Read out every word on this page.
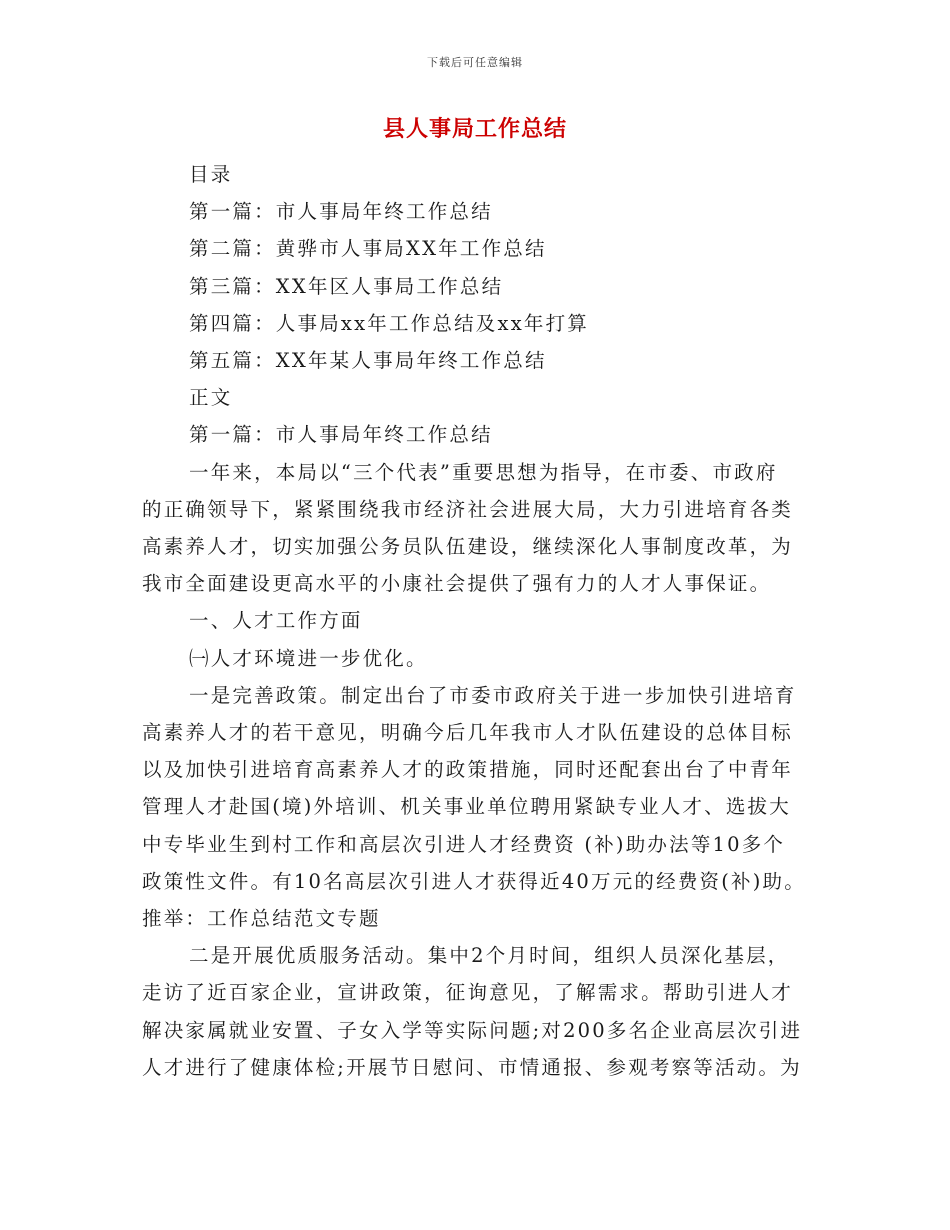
下载后可任意编辑
县人事局工作总结
目录
第一篇：市人事局年终工作总结
第二篇：黄骅市人事局XX年工作总结
第三篇：XX年区人事局工作总结
第四篇：人事局xx年工作总结及xx年打算
第五篇：XX年某人事局年终工作总结
正文
第一篇：市人事局年终工作总结
一年来，本局以“三个代表”重要思想为指导，在市委、市政府
的正确领导下，紧紧围绕我市经济社会进展大局，大力引进培育各类
高素养人才，切实加强公务员队伍建设，继续深化人事制度改革，为
我市全面建设更高水平的小康社会提供了强有力的人才人事保证。
一、人才工作方面
㈠人才环境进一步优化。
一是完善政策。制定出台了市委市政府关于进一步加快引进培育
高素养人才的若干意见，明确今后几年我市人才队伍建设的总体目标
以及加快引进培育高素养人才的政策措施，同时还配套出台了中青年
管理人才赴国(境)外培训、机关事业单位聘用紧缺专业人才、选拔大
中专毕业生到村工作和高层次引进人才经费资 (补)助办法等10多个
政策性文件。有10名高层次引进人才获得近40万元的经费资(补)助。
推举：工作总结范文专题
二是开展优质服务活动。集中2个月时间，组织人员深化基层，
走访了近百家企业，宣讲政策，征询意见，了解需求。帮助引进人才
解决家属就业安置、子女入学等实际问题;对200多名企业高层次引进
人才进行了健康体检;开展节日慰问、市情通报、参观考察等活动。为
